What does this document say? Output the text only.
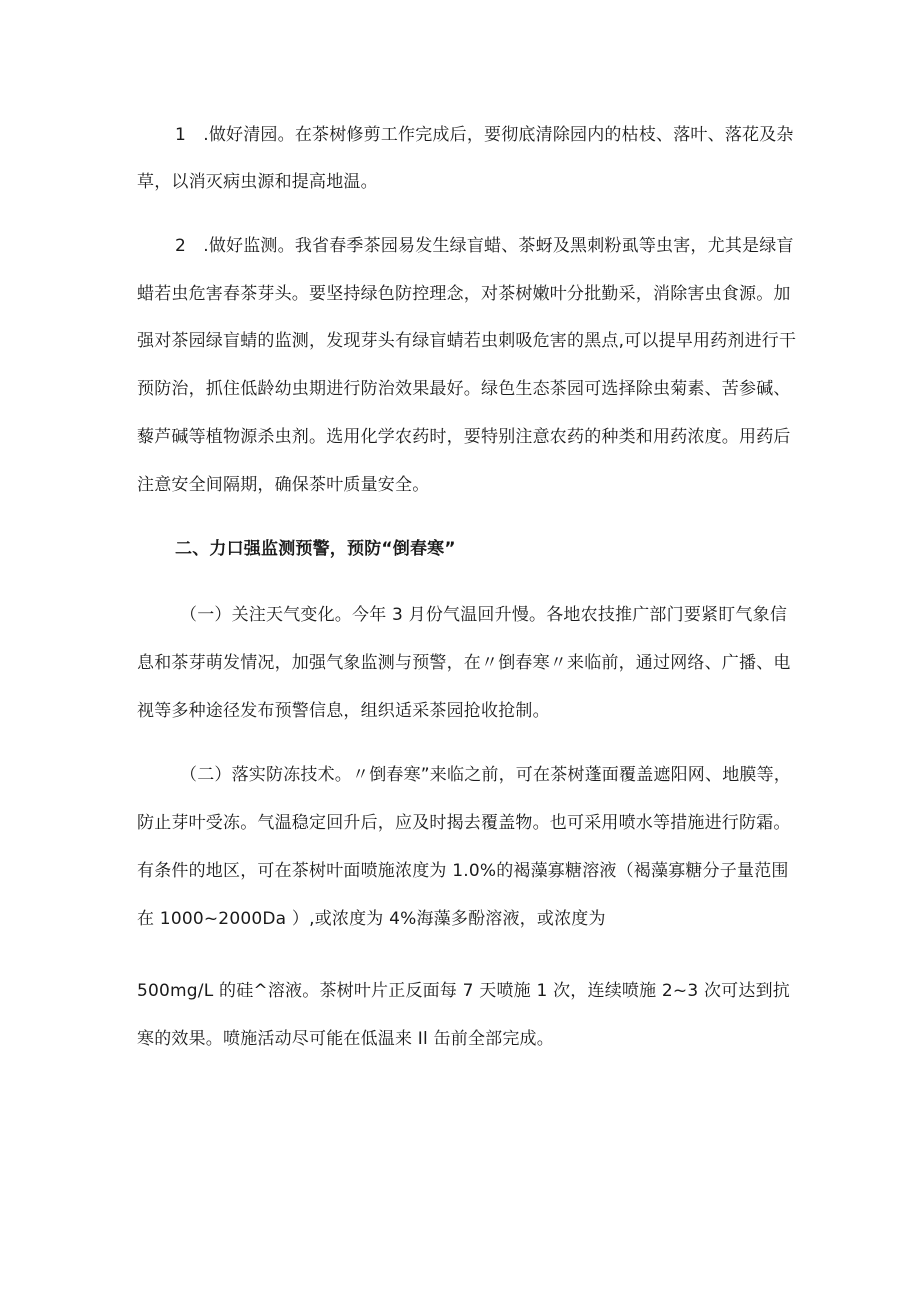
1　.做好清园。在茶树修剪工作完成后，要彻底清除园内的枯枝、落叶、落花及杂
草，以消灭病虫源和提高地温。
2　.做好监测。我省春季茶园易发生绿盲蜡、茶蚜及黑刺粉虱等虫害，尤其是绿盲
蜡若虫危害春茶芽头。要坚持绿色防控理念，对茶树嫩叶分批勤采，消除害虫食源。加
强对茶园绿盲蜻的监测，发现芽头有绿盲蜻若虫刺吸危害的黑点,可以提早用药剂进行干
预防治，抓住低龄幼虫期进行防治效果最好。绿色生态茶园可选择除虫菊素、苦参碱、
藜芦碱等植物源杀虫剂。选用化学农药时，要特别注意农药的种类和用药浓度。用药后
注意安全间隔期，确保茶叶质量安全。
二、力口强监测预警，预防“倒春寒”
（一）关注天气变化。今年 3 月份气温回升慢。各地农技推广部门要紧盯气象信
息和茶芽萌发情况，加强气象监测与预警，在〃倒春寒〃来临前，通过网络、广播、电
视等多种途径发布预警信息，组织适采茶园抢收抢制。
（二）落实防冻技术。〃倒春寒”来临之前，可在茶树蓬面覆盖遮阳网、地膜等，
防止芽叶受冻。气温稳定回升后，应及时揭去覆盖物。也可采用喷水等措施进行防霜。
有条件的地区，可在茶树叶面喷施浓度为 1.0%的褐藻寡糖溶液（褐藻寡糖分子量范围
在 1000~2000Da ）,或浓度为 4%海藻多酚溶液，或浓度为
500mg/L 的硅^溶液。茶树叶片正反面每 7 天喷施 1 次，连续喷施 2~3 次可达到抗
寒的效果。喷施活动尽可能在低温来 Il 缶前全部完成。
